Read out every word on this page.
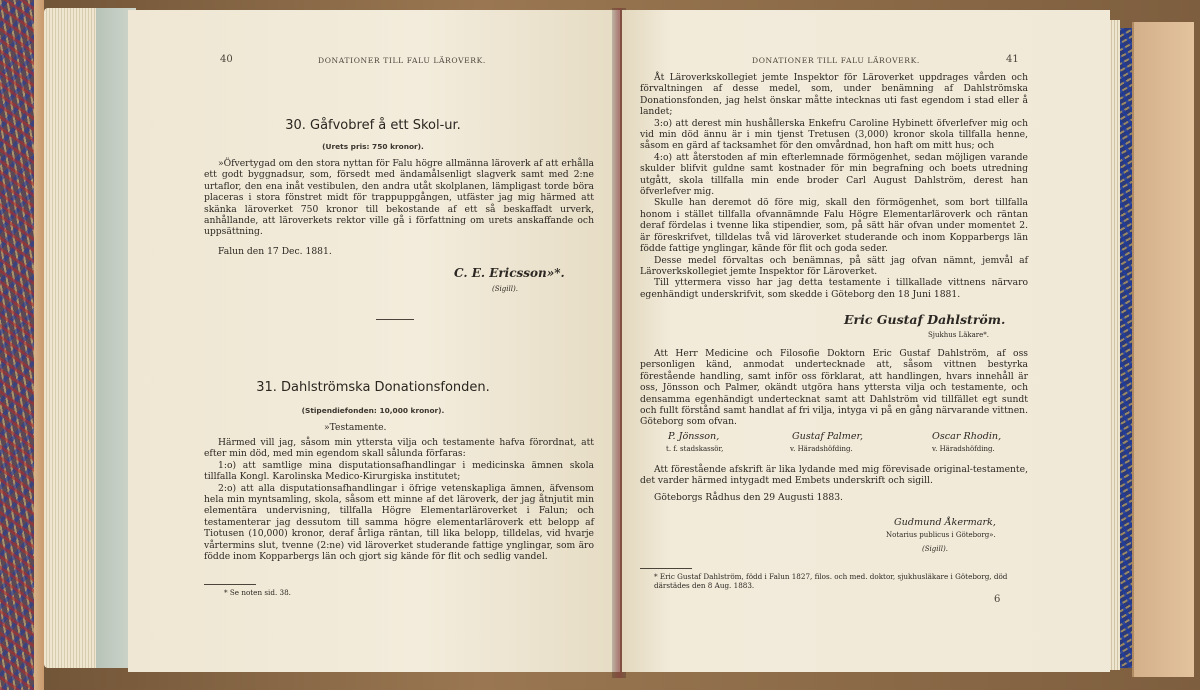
40	DONATIONER TILL FALU LÄROVERK.
30. Gåfvobref å ett Skol-ur.
(Urets pris: 750 kronor).
»Öfvertygad om den stora nyttan för Falu högre allmänna läroverk af att erhålla ett godt byggnadsur, som, försedt med ändamålsenligt slagverk samt med 2:ne urtaflor, den ena inåt vestibulen, den andra utåt skolplanen, lämpligast torde böra placeras i stora fönstret midt för trappuppgången, utfäster jag mig härmed att skänka läroverket 750 kronor till bekostande af ett så beskaffadt urverk, anhållande, att läroverkets rektor ville gå i författning om urets anskaffande och uppsättning.
Falun den 17 Dec. 1881.
C. E. Ericsson»*.
(Sigill).
31. Dahlströmska Donationsfonden.
(Stipendiefonden: 10,000 kronor).
»Testamente.

Härmed vill jag, såsom min yttersta vilja och testamente hafva förordnat, att efter min död, med min egendom skall sålunda förfaras:

1:o) att samtlige mina disputationsafhandlingar i medicinska ämnen skola tillfalla Kongl. Karolinska Medico-Kirurgiska institutet;

2:o) att alla disputationsafhandlingar i öfrige vetenskapliga ämnen, äfvensom hela min myntsamling, skola, såsom ett minne af det läroverk, der jag åtnjutit min elementära undervisning, tillfalla Högre Elementarläroverket i Falun; och testamenterar jag dessutom till samma högre elementarläroverk ett belopp af Tiotusen (10,000) kronor, deraf årliga räntan, till lika belopp, tilldelas, vid hvarje vårtermins slut, tvenne (2:ne) vid läroverket studerande fattige ynglingar, som äro födde inom Kopparbergs län och gjort sig kände för flit och sedlig vandel.

* Se noten sid. 38.
DONATIONER TILL FALU LÄROVERK.	41

Åt Läroverkskollegiet jemte Inspektor för Läroverket uppdrages vården och förvaltningen af desse medel, som, under benämning af Dahlströmska Donationsfonden, jag helst önskar måtte intecknas uti fast egendom i stad eller å landet;

3:o) att derest min hushållerska Enkefru Caroline Hybinett öfverlefver mig och vid min död ännu är i min tjenst Tretusen (3,000) kronor skola tillfalla henne, såsom en gärd af tacksamhet för den omvårdnad, hon haft om mitt hus; och

4:o) att återstoden af min efterlemnade förmögenhet, sedan möjligen varande skulder blifvit guldne samt kostnader för min begrafning och boets utredning utgått, skola tillfalla min ende broder Carl August Dahlström, derest han öfverlefver mig.

Skulle han deremot dö före mig, skall den förmögenhet, som bort tillfalla honom i stället tillfalla ofvannämnde Falu Högre Elementarläroverk och räntan deraf fördelas i tvenne lika stipendier, som, på sätt här ofvan under momentet 2. är föreskrifvet, tilldelas två vid läroverket studerande och inom Kopparbergs län födde fattige ynglingar, kände för flit och goda seder.

Desse medel förvaltas och benämnas, på sätt jag ofvan nämnt, jemvål af Läroverkskollegiet jemte Inspektor för Läroverket.

Till yttermera visso har jag detta testamente i tillkallade vittnens närvaro egenhändigt underskrifvit, som skedde i Göteborg den 18 Juni 1881.

Eric Gustaf Dahlström.
Sjukhus Läkare*.
Att Herr Medicine och Filosofie Doktorn Eric Gustaf Dahlström, af oss personligen känd, anmodat undertecknade att, såsom vittnen bestyrka förestående handling, samt inför oss förklarat, att handlingen, hvars innehåll är oss, Jönsson och Palmer, okändt utgöra hans yttersta vilja och testamente, och densamma egenhändigt undertecknat samt att Dahlström vid tillfället egt sundt och fullt förstånd samt handlat af fri vilja, intyga vi på en gång närvarande vittnen. Göteborg som ofvan.
P. Jönsson,
t. f. stadskassör,
Gustaf Palmer,
v. Häradshöfding.
Oscar Rhodin,
v. Häradshöfding.
Att förestående afskrift är lika lydande med mig förevisade original-testamente, det varder härmed intygadt med Embets underskrift och sigill.
Göteborgs Rådhus den 29 Augusti 1883.
Gudmund Åkermark,
Notarius publicus i Göteborg».
(Sigill).
* Eric Gustaf Dahlström, född i Falun 1827, filos. och med. doktor, sjukhusläkare i Göteborg, död därstädes den 8 Aug. 1883.
6
